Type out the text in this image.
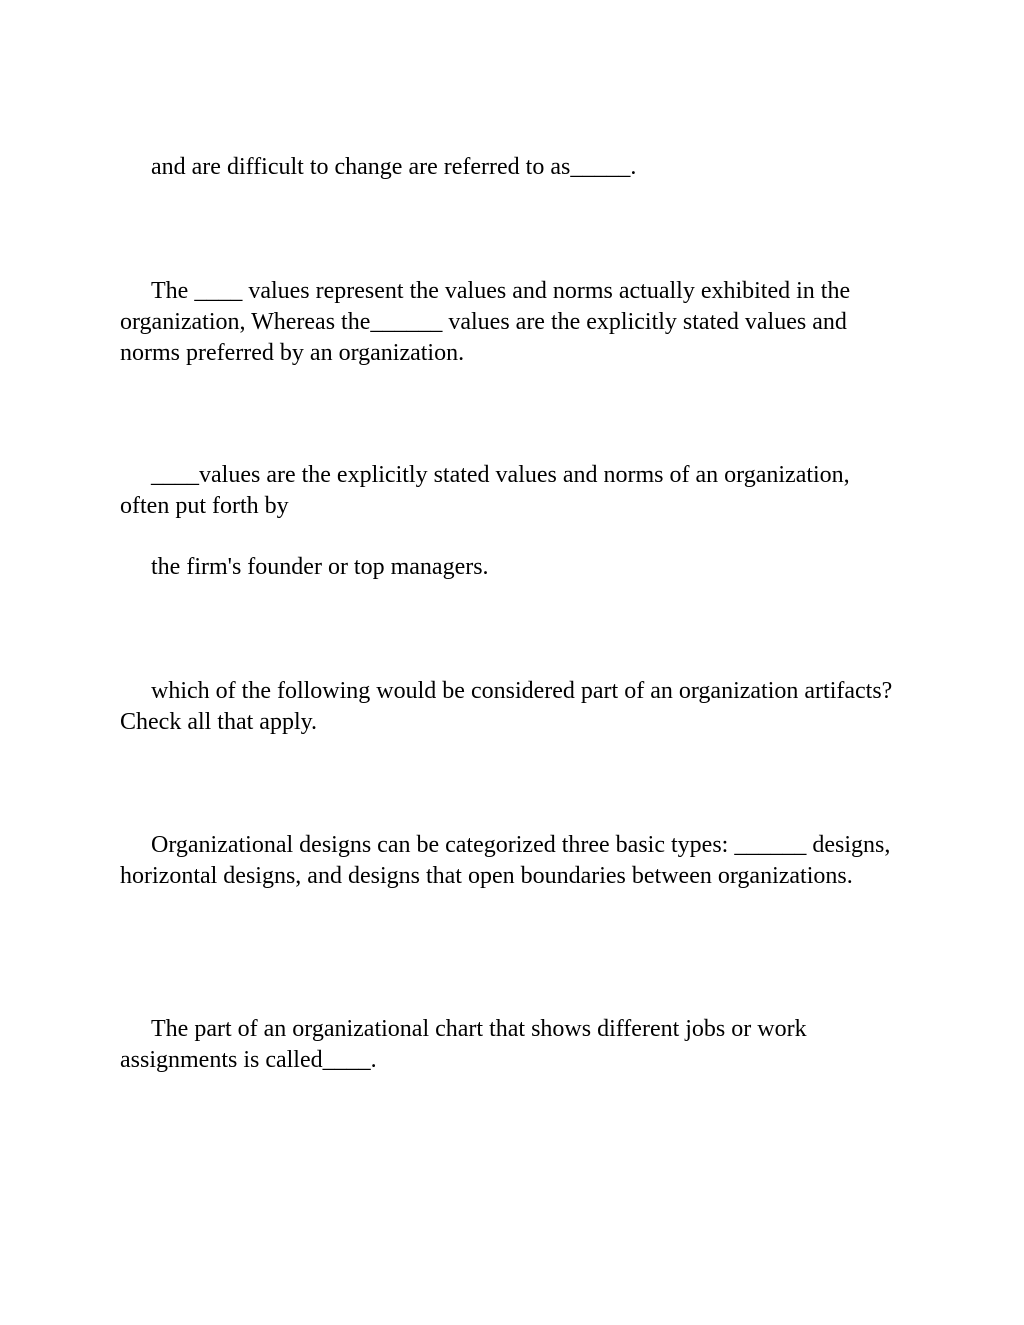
and are difficult to change are referred to as_____.

The ____ values represent the values and norms actually exhibited in the organization, Whereas the______ values are the explicitly stated values and norms preferred by an organization.

____values are the explicitly stated values and norms of an organization, often put forth by

the firm's founder or top managers.

which of the following would be considered part of an organization artifacts? Check all that apply.

Organizational designs can be categorized three basic types: ______ designs, horizontal designs, and designs that open boundaries between organizations.

The part of an organizational chart that shows different jobs or work assignments is called____.
